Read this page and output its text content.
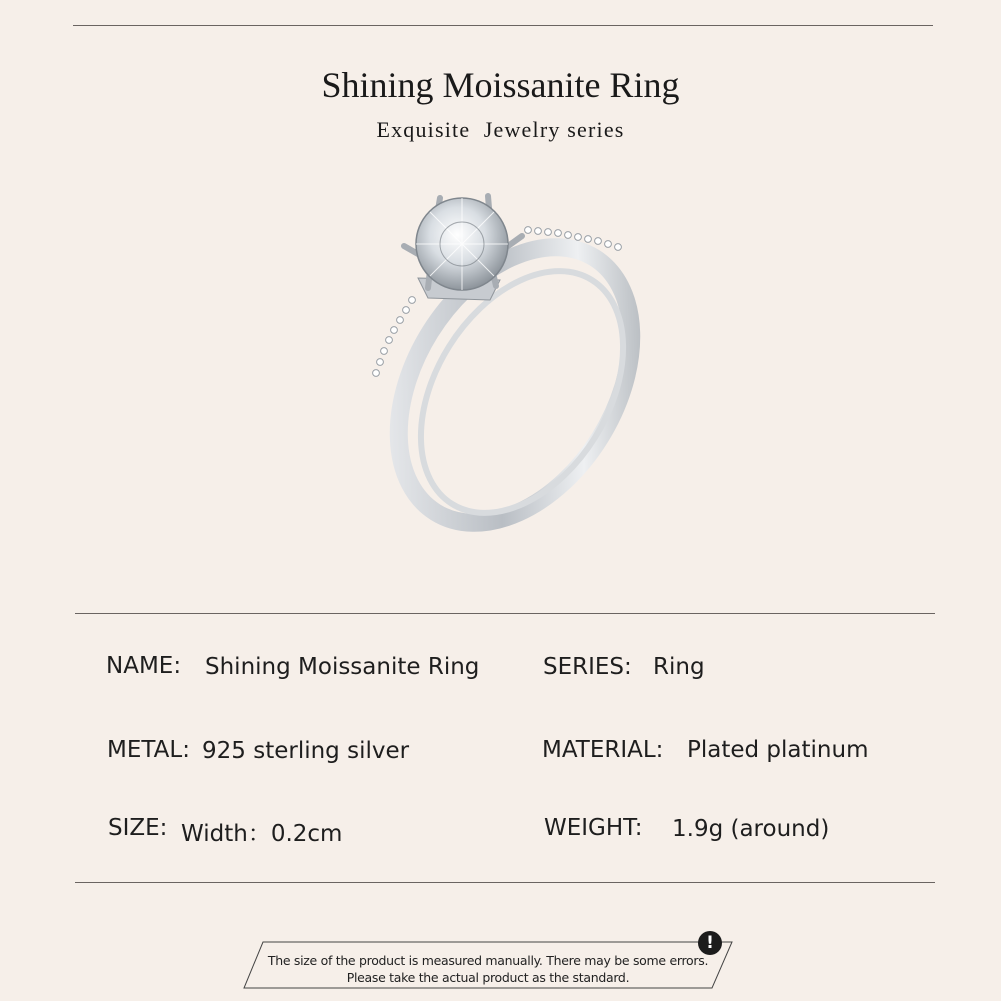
Shining Moissanite Ring
Exquisite  Jewelry series
NAME: Shining Moissanite Ring	SERIES: Ring
METAL: 925 sterling silver	MATERIAL: Plated platinum
SIZE: Width：0.2cm	WEIGHT: 1.9g (around)
The size of the product is measured manually. There may be some errors.
Please take the actual product as the standard.
!
